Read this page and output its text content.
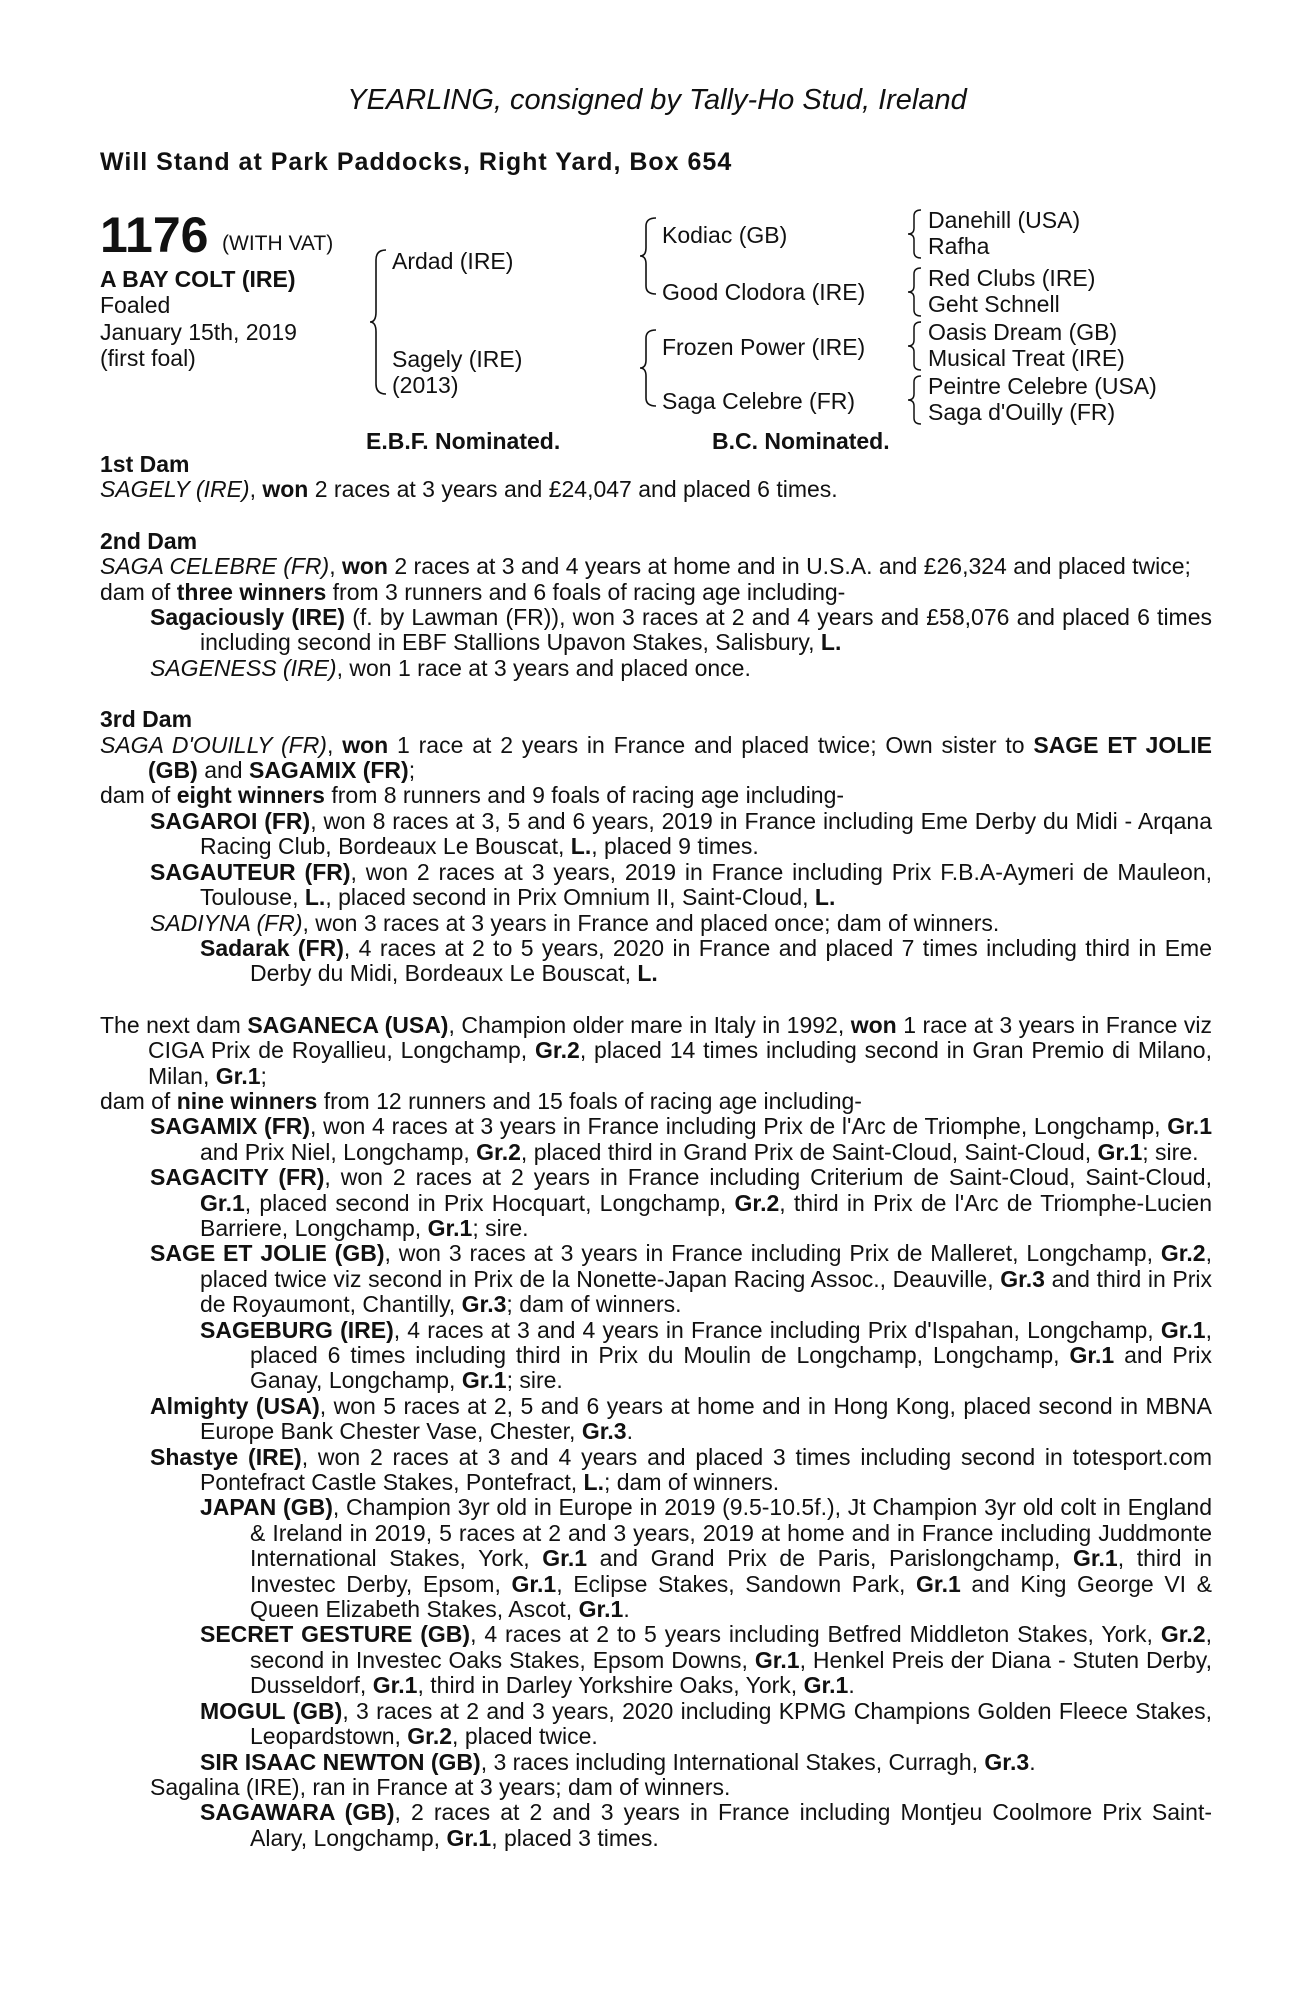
YEARLING, consigned by Tally-Ho Stud, Ireland
Will Stand at Park Paddocks, Right Yard, Box 654
1176 (WITH VAT)
A BAY COLT (IRE)
Foaled
January 15th, 2019
(first foal)
Ardad (IRE)
Sagely (IRE)
(2013)
Kodiac (GB)
Good Clodora (IRE)
Frozen Power (IRE)
Saga Celebre (FR)
Danehill (USA)
Rafha
Red Clubs (IRE)
Geht Schnell
Oasis Dream (GB)
Musical Treat (IRE)
Peintre Celebre (USA)
Saga d'Ouilly (FR)
E.B.F. Nominated.	B.C. Nominated.

1st Dam

SAGELY (IRE), won 2 races at 3 years and £24,047 and placed 6 times.

2nd Dam

SAGA CELEBRE (FR), won 2 races at 3 and 4 years at home and in U.S.A. and £26,324 and placed twice;

dam of three winners from 3 runners and 6 foals of racing age including-

Sagaciously (IRE) (f. by Lawman (FR)), won 3 races at 2 and 4 years and £58,076 and placed 6 times including second in EBF Stallions Upavon Stakes, Salisbury, L.

SAGENESS (IRE), won 1 race at 3 years and placed once.

3rd Dam

SAGA D'OUILLY (FR), won 1 race at 2 years in France and placed twice; Own sister to SAGE ET JOLIE (GB) and SAGAMIX (FR);

dam of eight winners from 8 runners and 9 foals of racing age including-

SAGAROI (FR), won 8 races at 3, 5 and 6 years, 2019 in France including Eme Derby du Midi - Arqana Racing Club, Bordeaux Le Bouscat, L., placed 9 times.

SAGAUTEUR (FR), won 2 races at 3 years, 2019 in France including Prix F.B.A-Aymeri de Mauleon, Toulouse, L., placed second in Prix Omnium II, Saint-Cloud, L.

SADIYNA (FR), won 3 races at 3 years in France and placed once; dam of winners.

Sadarak (FR), 4 races at 2 to 5 years, 2020 in France and placed 7 times including third in Eme Derby du Midi, Bordeaux Le Bouscat, L.

The next dam SAGANECA (USA), Champion older mare in Italy in 1992, won 1 race at 3 years in France viz CIGA Prix de Royallieu, Longchamp, Gr.2, placed 14 times including second in Gran Premio di Milano, Milan, Gr.1;

dam of nine winners from 12 runners and 15 foals of racing age including-

SAGAMIX (FR), won 4 races at 3 years in France including Prix de l'Arc de Triomphe, Longchamp, Gr.1 and Prix Niel, Longchamp, Gr.2, placed third in Grand Prix de Saint-Cloud, Saint-Cloud, Gr.1; sire.

SAGACITY (FR), won 2 races at 2 years in France including Criterium de Saint-Cloud, Saint-Cloud, Gr.1, placed second in Prix Hocquart, Longchamp, Gr.2, third in Prix de l'Arc de Triomphe-Lucien Barriere, Longchamp, Gr.1; sire.

SAGE ET JOLIE (GB), won 3 races at 3 years in France including Prix de Malleret, Longchamp, Gr.2, placed twice viz second in Prix de la Nonette-Japan Racing Assoc., Deauville, Gr.3 and third in Prix de Royaumont, Chantilly, Gr.3; dam of winners.

SAGEBURG (IRE), 4 races at 3 and 4 years in France including Prix d'Ispahan, Longchamp, Gr.1, placed 6 times including third in Prix du Moulin de Longchamp, Longchamp, Gr.1 and Prix Ganay, Longchamp, Gr.1; sire.

Almighty (USA), won 5 races at 2, 5 and 6 years at home and in Hong Kong, placed second in MBNA Europe Bank Chester Vase, Chester, Gr.3.

Shastye (IRE), won 2 races at 3 and 4 years and placed 3 times including second in totesport.com Pontefract Castle Stakes, Pontefract, L.; dam of winners.

JAPAN (GB), Champion 3yr old in Europe in 2019 (9.5-10.5f.), Jt Champion 3yr old colt in England & Ireland in 2019, 5 races at 2 and 3 years, 2019 at home and in France including Juddmonte International Stakes, York, Gr.1 and Grand Prix de Paris, Parislongchamp, Gr.1, third in Investec Derby, Epsom, Gr.1, Eclipse Stakes, Sandown Park, Gr.1 and King George VI & Queen Elizabeth Stakes, Ascot, Gr.1.

SECRET GESTURE (GB), 4 races at 2 to 5 years including Betfred Middleton Stakes, York, Gr.2, second in Investec Oaks Stakes, Epsom Downs, Gr.1, Henkel Preis der Diana - Stuten Derby, Dusseldorf, Gr.1, third in Darley Yorkshire Oaks, York, Gr.1.

MOGUL (GB), 3 races at 2 and 3 years, 2020 including KPMG Champions Golden Fleece Stakes, Leopardstown, Gr.2, placed twice.

SIR ISAAC NEWTON (GB), 3 races including International Stakes, Curragh, Gr.3.

Sagalina (IRE), ran in France at 3 years; dam of winners.

SAGAWARA (GB), 2 races at 2 and 3 years in France including Montjeu Coolmore Prix Saint-Alary, Longchamp, Gr.1, placed 3 times.
